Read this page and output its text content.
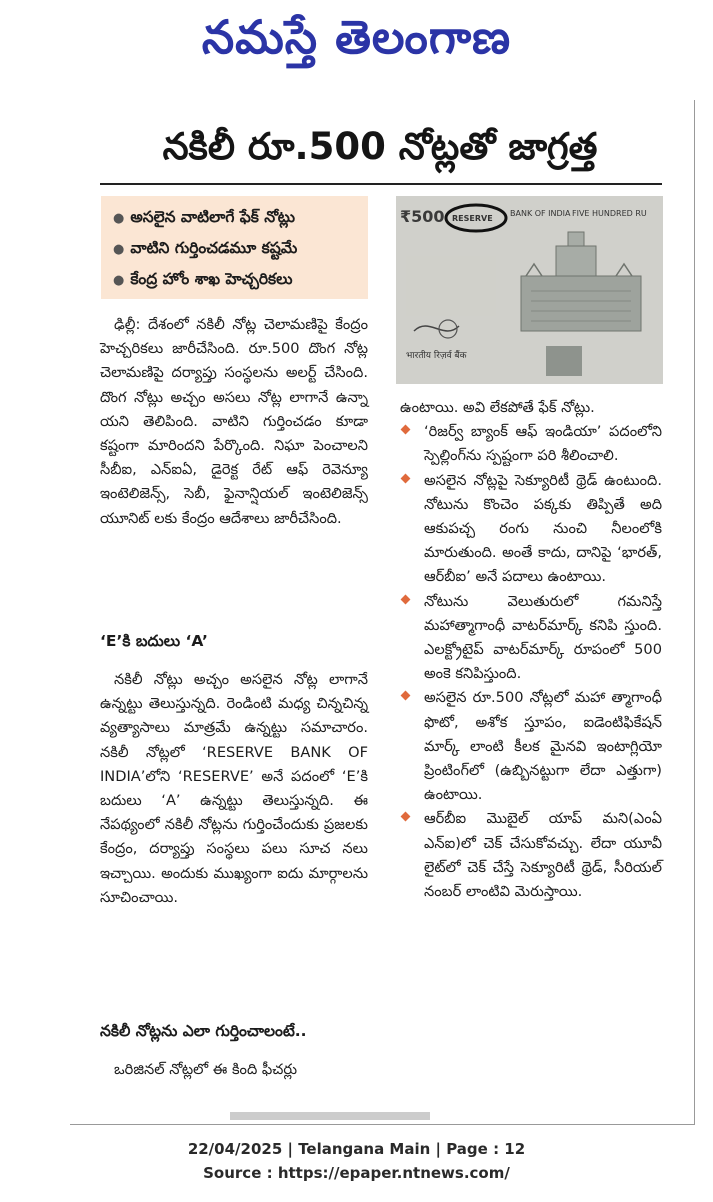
నమస్తే తెలంగాణ
నకిలీ రూ.500 నోట్లతో జాగ్రత్త
● అసలైన వాటిలాగే ఫేక్ నోట్లు
● వాటిని గుర్తించడమూ కష్టమే
● కేంద్ర హోం శాఖ హెచ్చరికలు
₹500 RESERVE
BANK OF INDIA FIVE HUNDRED RU
भारतीय रिज़र्व बैंक

ఢిల్లీ: దేశంలో నకిలీ నోట్ల చెలామణిపై కేంద్రం హెచ్చరికలు జారీచేసింది. రూ.500 దొంగ నోట్ల చెలామణిపై దర్యాప్తు సంస్థలను అలర్ట్ చేసింది. దొంగ నోట్లు అచ్చం అసలు నోట్ల లాగానే ఉన్నా యని తెలిపింది. వాటిని గుర్తించడం కూడా కష్టంగా మారిందని పేర్కొంది. నిఘా పెంచాలని సీబీఐ, ఎన్ఐఏ, డైరెక్ట రేట్ ఆఫ్ రెవెన్యూ ఇంటెలిజెన్స్, సెబీ, ఫైనాన్షియల్ ఇంటెలిజెన్స్ యూనిట్ లకు కేంద్రం ఆదేశాలు జారీచేసింది.

‘E’కి బదులు ‘A’

నకిలీ నోట్లు అచ్చం అసలైన నోట్ల లాగానే ఉన్నట్టు తెలుస్తున్నది. రెండింటి మధ్య చిన్నచిన్న వ్యత్యాసాలు మాత్రమే ఉన్నట్టు సమాచారం. నకిలీ నోట్లలో ‘RESERVE BANK OF INDIA’లోని ‘RESERVE’ అనే పదంలో ‘E’కి బదులు ‘A’ ఉన్నట్టు తెలుస్తున్నది. ఈ నేపథ్యంలో నకిలీ నోట్లను గుర్తించేందుకు ప్రజలకు కేంద్రం, దర్యాప్తు సంస్థలు పలు సూచ నలు ఇచ్చాయి. అందుకు ముఖ్యంగా ఐదు మార్గాలను సూచించాయి.

నకిలీ నోట్లను ఎలా గుర్తించాలంటే..

ఒరిజినల్ నోట్లలో ఈ కింది ఫీచర్లు

ఉంటాయి. అవి లేకపోతే ఫేక్ నోట్లు.

‘రిజర్వ్ బ్యాంక్ ఆఫ్ ఇండియా’ పదంలోని స్పెల్లింగ్‌ను స్పష్టంగా పరి శీలించాలి.
అసలైన నోట్లపై సెక్యూరిటీ థ్రెడ్ ఉంటుంది. నోటును కొంచెం పక్కకు తిప్పితే అది ఆకుపచ్చ రంగు నుంచి నీలంలోకి మారుతుంది. అంతే కాదు, దానిపై ‘భారత్, ఆర్‌బీఐ’ అనే పదాలు ఉంటాయి.
నోటును వెలుతురులో గమనిస్తే మహాత్మాగాంధీ వాటర్‌మార్క్ కనిపి స్తుంది. ఎలక్ట్రోటైప్ వాటర్‌మార్క్ రూపంలో 500 అంకె కనిపిస్తుంది.
అసలైన రూ.500 నోట్లలో మహా త్మాగాంధీ ఫొటో, అశోక స్తూపం, ఐడెంటిఫికేషన్ మార్క్ లాంటి కీలక మైనవి ఇంటాగ్లియో ప్రింటింగ్‌లో (ఉబ్బినట్టుగా లేదా ఎత్తుగా) ఉంటాయి.
ఆర్‌బీఐ మొబైల్ యాప్ మని(ఎంఏ ఎన్ఐ)లో చెక్ చేసుకోవచ్చు. లేదా యూవీ లైట్‌లో చెక్ చేస్తే సెక్యూరిటీ థ్రెడ్, సీరియల్ నంబర్ లాంటివి మెరుస్తాయి.
22/04/2025 | Telangana Main | Page : 12
Source : https://epaper.ntnews.com/
